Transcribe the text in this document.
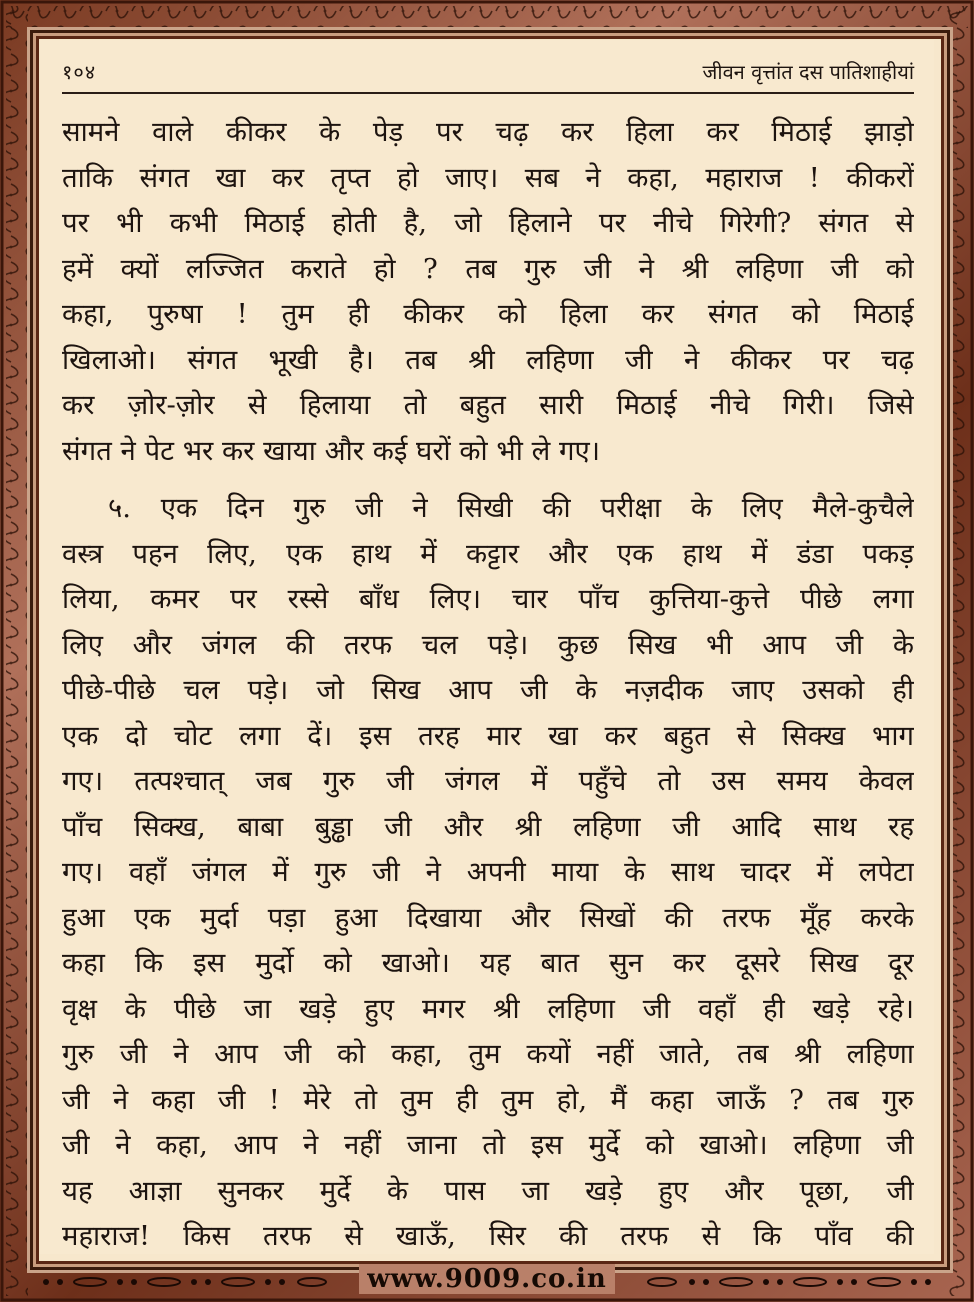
१०४	जीवन वृत्तांत दस पातिशाहीयां
सामने वाले कीकर के पेड़ पर चढ़ कर हिला कर मिठाई झाड़ो
ताकि संगत खा कर तृप्त हो जाए। सब ने कहा, महाराज ! कीकरों
पर भी कभी मिठाई होती है, जो हिलाने पर नीचे गिरेगी? संगत से
हमें क्यों लज्जित कराते हो ? तब गुरु जी ने श्री लहिणा जी को
कहा, पुरुषा ! तुम ही कीकर को हिला कर संगत को मिठाई
खिलाओ। संगत भूखी है। तब श्री लहिणा जी ने कीकर पर चढ़
कर ज़ोर-ज़ोर से हिलाया तो बहुत सारी मिठाई नीचे गिरी। जिसे
संगत ने पेट भर कर खाया और कई घरों को भी ले गए।
५. एक दिन गुरु जी ने सिखी की परीक्षा के लिए मैले-कुचैले
वस्त्र पहन लिए, एक हाथ में कट्टार और एक हाथ में डंडा पकड़
लिया, कमर पर रस्से बाँध लिए। चार पाँच कुत्तिया-कुत्ते पीछे लगा
लिए और जंगल की तरफ चल पड़े। कुछ सिख भी आप जी के
पीछे-पीछे चल पड़े। जो सिख आप जी के नज़दीक जाए उसको ही
एक दो चोट लगा दें। इस तरह मार खा कर बहुत से सिक्ख भाग
गए। तत्पश्चात् जब गुरु जी जंगल में पहुँचे तो उस समय केवल
पाँच सिक्ख, बाबा बुड्ढा जी और श्री लहिणा जी आदि साथ रह
गए। वहाँ जंगल में गुरु जी ने अपनी माया के साथ चादर में लपेटा
हुआ एक मुर्दा पड़ा हुआ दिखाया और सिखों की तरफ मूँह करके
कहा कि इस मुर्दो को खाओ। यह बात सुन कर दूसरे सिख दूर
वृक्ष के पीछे जा खड़े हुए मगर श्री लहिणा जी वहाँ ही खड़े रहे।
गुरु जी ने आप जी को कहा, तुम कयों नहीं जाते, तब श्री लहिणा
जी ने कहा जी ! मेरे तो तुम ही तुम हो, मैं कहा जाऊँ ? तब गुरु
जी ने कहा, आप ने नहीं जाना तो इस मुर्दे को खाओ। लहिणा जी
यह आज्ञा सुनकर मुर्दे के पास जा खड़े हुए और पूछा, जी
महाराज! किस तरफ से खाऊँ, सिर की तरफ से कि पाँव की
www.9009.co.in
